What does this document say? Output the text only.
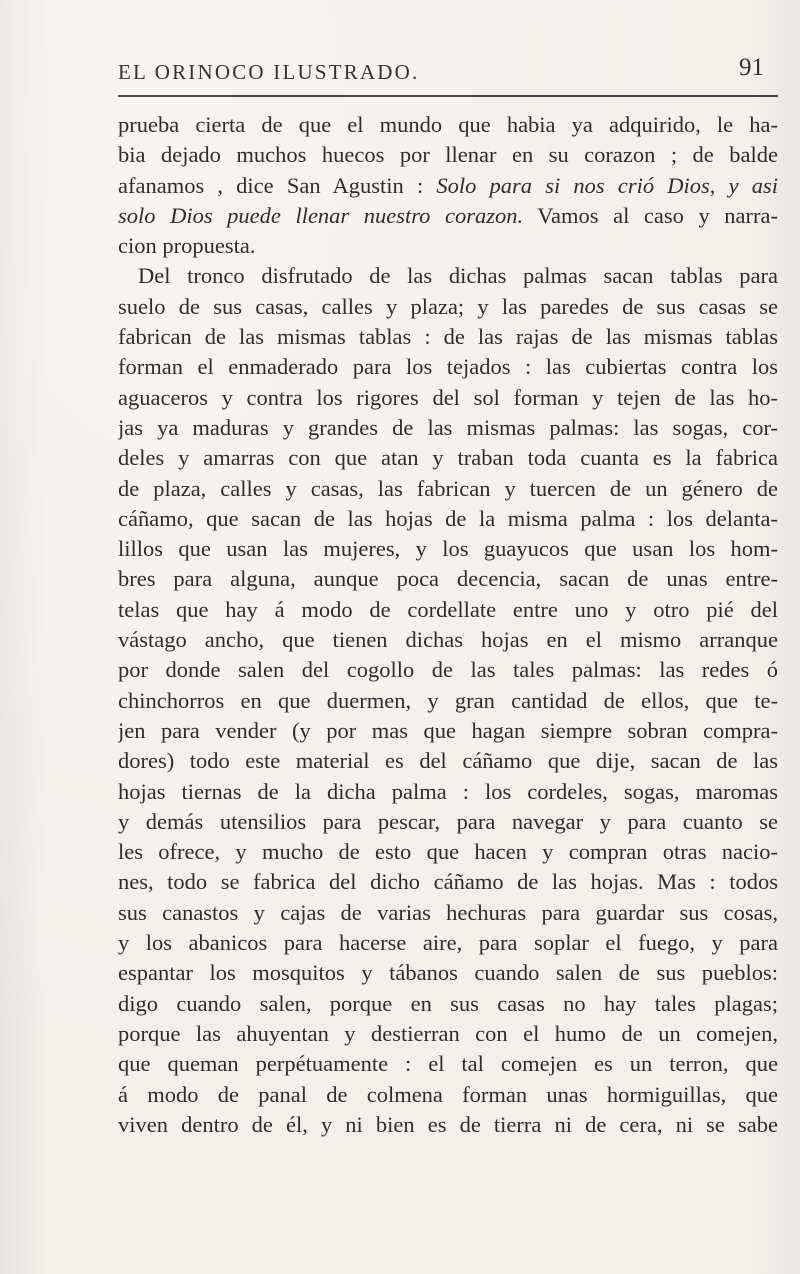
EL ORINOCO ILUSTRADO.	91
prueba cierta de que el mundo que habia ya adquirido, le ha-
bia dejado muchos huecos por llenar en su corazon ; de balde
afanamos , dice San Agustin : Solo para si nos crió Dios, y asi
solo Dios puede llenar nuestro corazon. Vamos al caso y narra-
cion propuesta.
Del tronco disfrutado de las dichas palmas sacan tablas para
suelo de sus casas, calles y plaza; y las paredes de sus casas se
fabrican de las mismas tablas : de las rajas de las mismas tablas
forman el enmaderado para los tejados : las cubiertas contra los
aguaceros y contra los rigores del sol forman y tejen de las ho-
jas ya maduras y grandes de las mismas palmas: las sogas, cor-
deles y amarras con que atan y traban toda cuanta es la fabrica
de plaza, calles y casas, las fabrican y tuercen de un género de
cáñamo, que sacan de las hojas de la misma palma : los delanta-
lillos que usan las mujeres, y los guayucos que usan los hom-
bres para alguna, aunque poca decencia, sacan de unas entre-
telas que hay á modo de cordellate entre uno y otro pié del
vástago ancho, que tienen dichas hojas en el mismo arranque
por donde salen del cogollo de las tales palmas: las redes ó
chinchorros en que duermen, y gran cantidad de ellos, que te-
jen para vender (y por mas que hagan siempre sobran compra-
dores) todo este material es del cáñamo que dije, sacan de las
hojas tiernas de la dicha palma : los cordeles, sogas, maromas
y demás utensilios para pescar, para navegar y para cuanto se
les ofrece, y mucho de esto que hacen y compran otras nacio-
nes, todo se fabrica del dicho cáñamo de las hojas. Mas : todos
sus canastos y cajas de varias hechuras para guardar sus cosas,
y los abanicos para hacerse aire, para soplar el fuego, y para
espantar los mosquitos y tábanos cuando salen de sus pueblos:
digo cuando salen, porque en sus casas no hay tales plagas;
porque las ahuyentan y destierran con el humo de un comejen,
que queman perpétuamente : el tal comejen es un terron, que
á modo de panal de colmena forman unas hormiguillas, que
viven dentro de él, y ni bien es de tierra ni de cera, ni se sabe
